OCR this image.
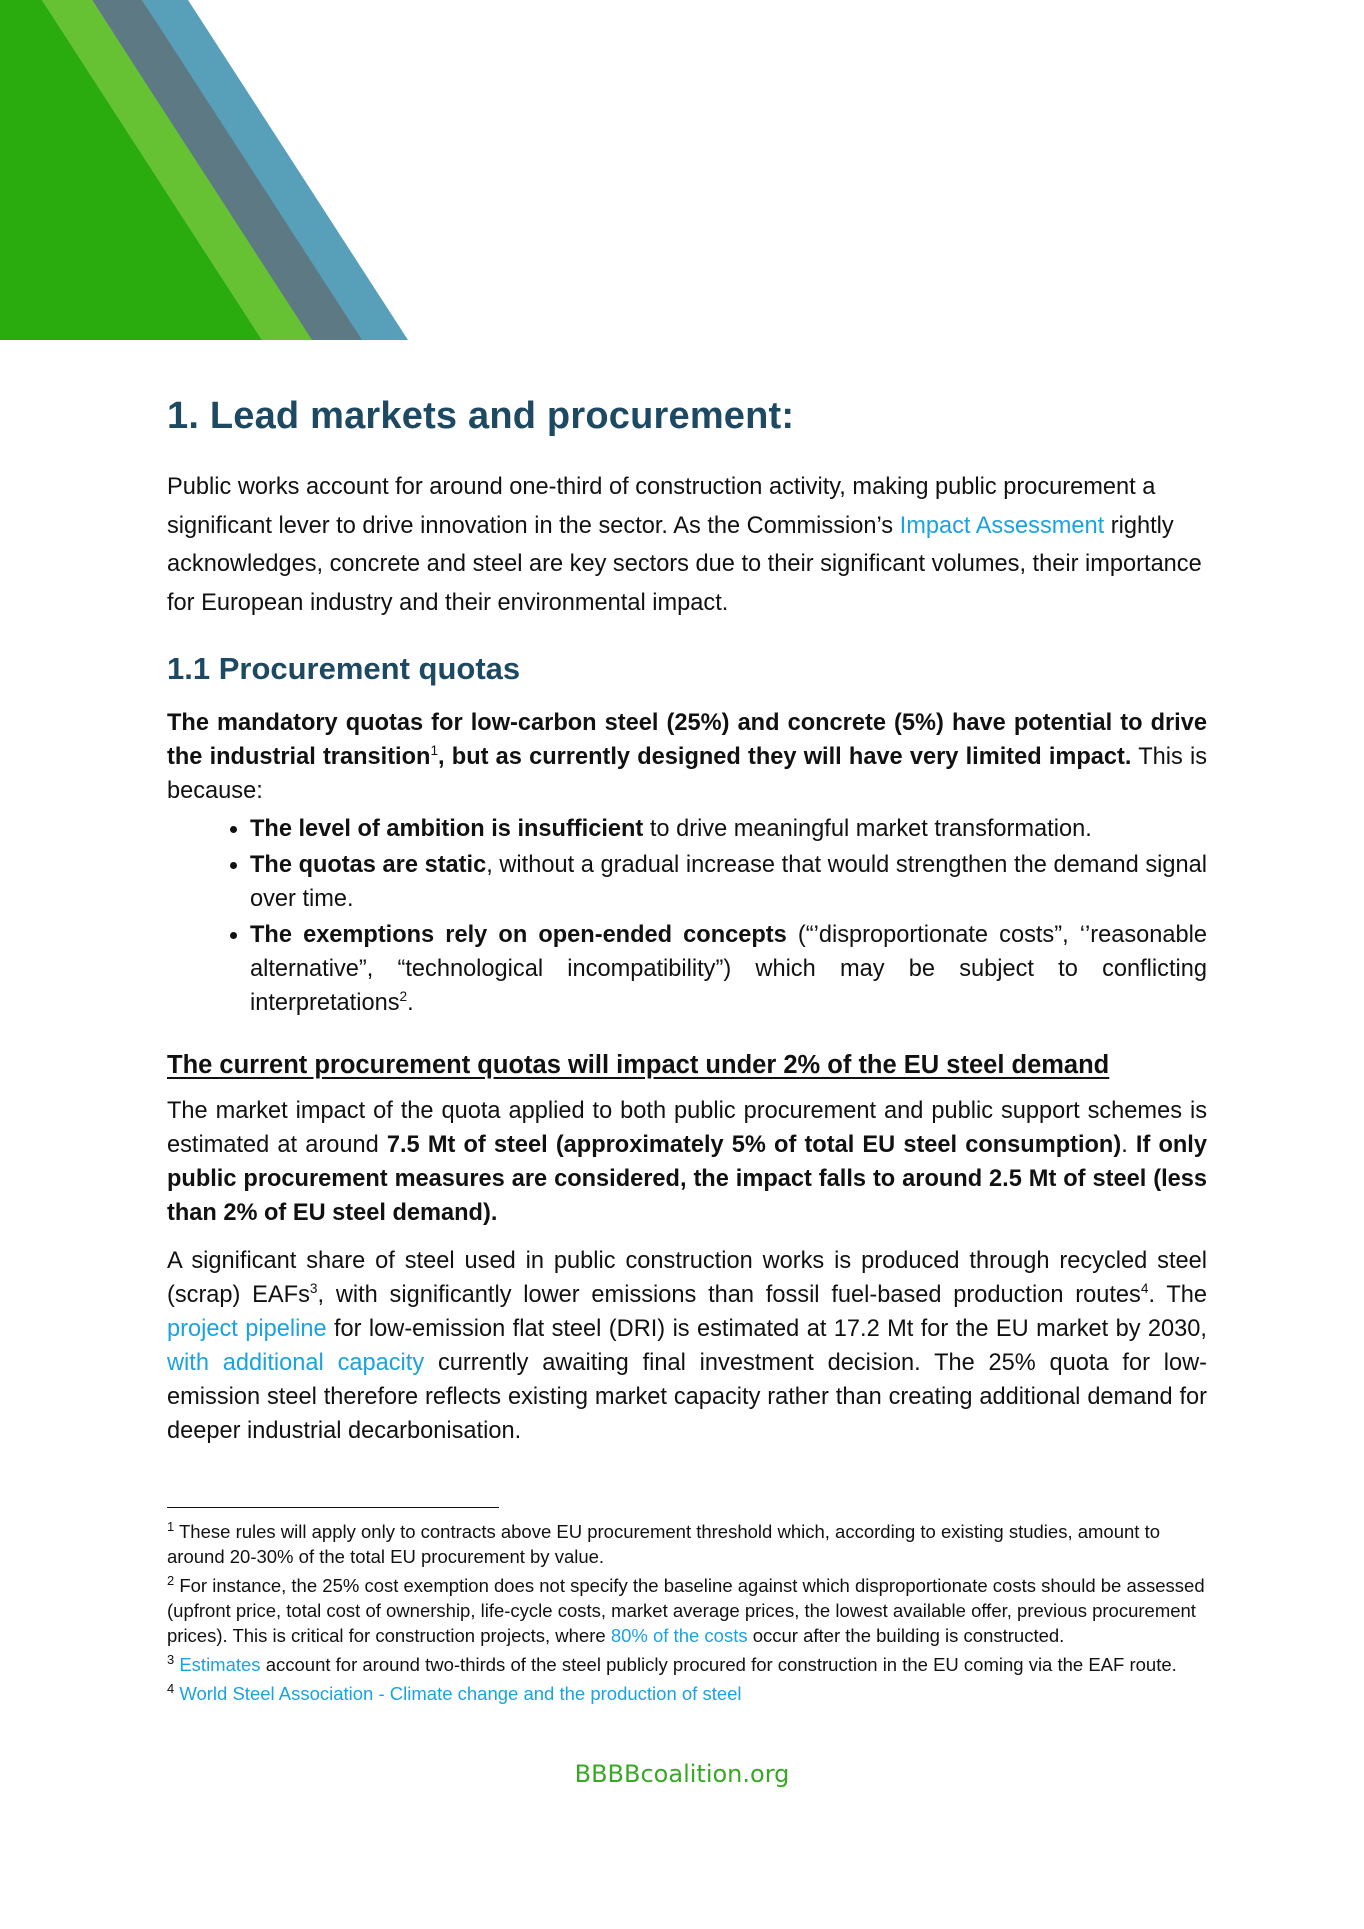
1. Lead markets and procurement:

Public works account for around one-third of construction activity, making public procurement a significant lever to drive innovation in the sector. As the Commission’s Impact Assessment rightly acknowledges, concrete and steel are key sectors due to their significant volumes, their importance for European industry and their environmental impact.

1.1 Procurement quotas

The mandatory quotas for low-carbon steel (25%) and concrete (5%) have potential to drive the industrial transition$^1$, but as currently designed they will have very limited impact. This is because:

• The level of ambition is insufficient to drive meaningful market transformation.
• The quotas are static, without a gradual increase that would strengthen the demand signal over time.
• The exemptions rely on open-ended concepts (“’disproportionate costs”, ‘’reasonable alternative”, “technological incompatibility”) which may be subject to conflicting interpretations$^2$.
The current procurement quotas will impact under 2% of the EU steel demand

The market impact of the quota applied to both public procurement and public support schemes is estimated at around 7.5 Mt of steel (approximately 5% of total EU steel consumption). If only public procurement measures are considered, the impact falls to around 2.5 Mt of steel (less than 2% of EU steel demand).

A significant share of steel used in public construction works is produced through recycled steel (scrap) EAFs$^3$, with significantly lower emissions than fossil fuel-based production routes$^4$. The project pipeline for low-emission flat steel (DRI) is estimated at 17.2 Mt for the EU market by 2030, with additional capacity currently awaiting final investment decision. The 25% quota for low-emission steel therefore reflects existing market capacity rather than creating additional demand for deeper industrial decarbonisation.

$^1$ These rules will apply only to contracts above EU procurement threshold which, according to existing studies, amount to around 20-30% of the total EU procurement by value.

$^2$ For instance, the 25% cost exemption does not specify the baseline against which disproportionate costs should be assessed (upfront price, total cost of ownership, life-cycle costs, market average prices, the lowest available offer, previous procurement prices). This is critical for construction projects, where 80% of the costs occur after the building is constructed.

$^3$ Estimates account for around two-thirds of the steel publicly procured for construction in the EU coming via the EAF route.

$^4$ World Steel Association - Climate change and the production of steel

BBBBcoalition.org
